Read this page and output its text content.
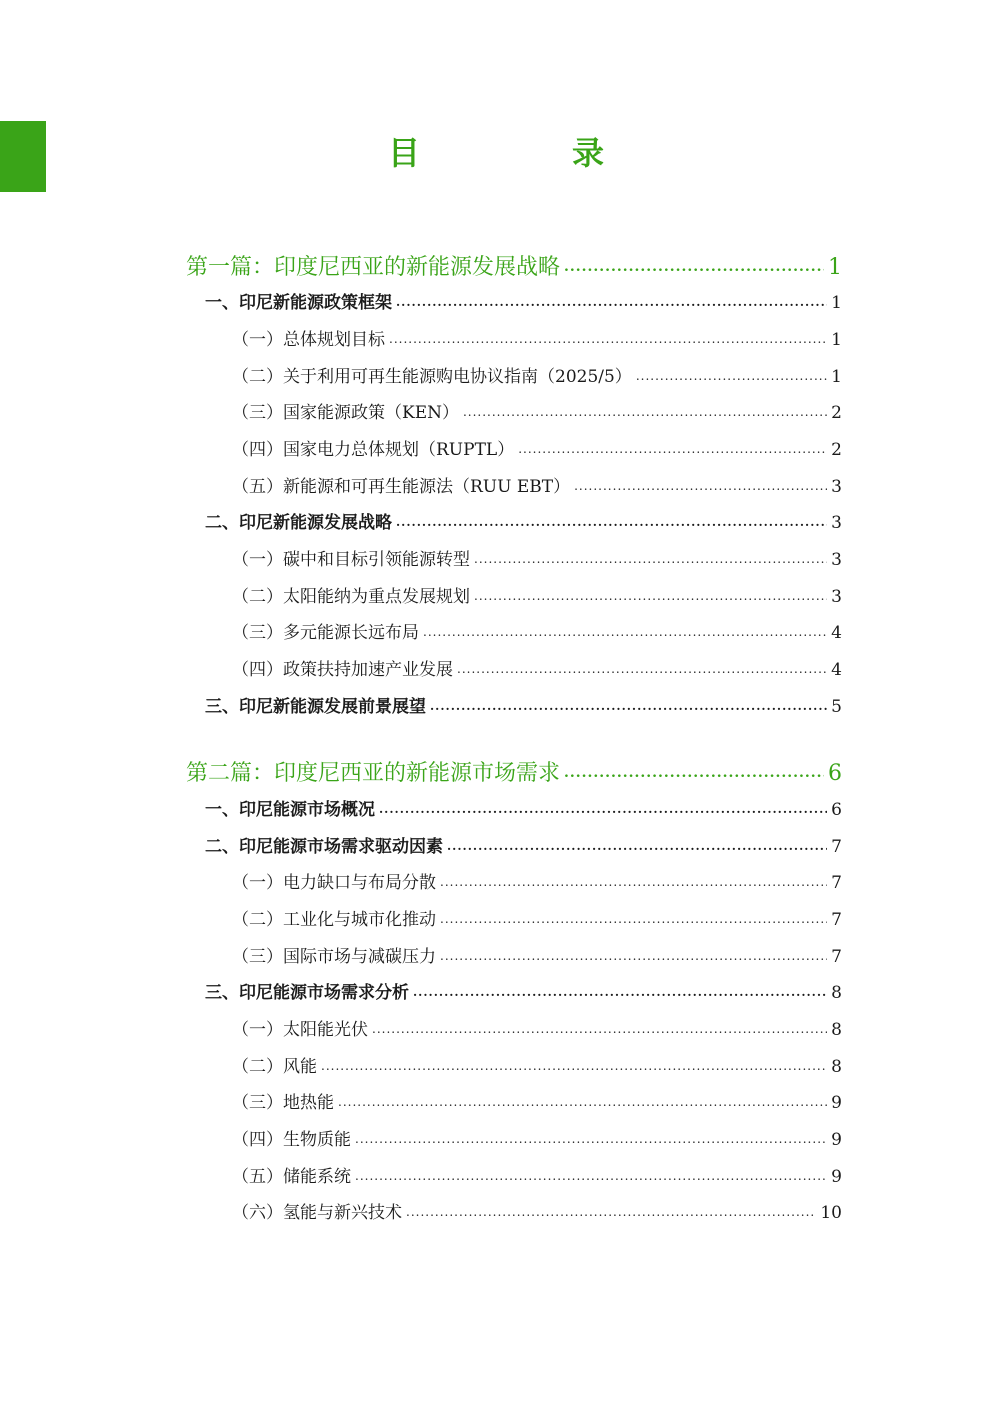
目　录
第一篇：印度尼西亚的新能源发展战略 .....	1
一、印尼新能源政策框架 .....	1
（一）总体规划目标 .....	1
（二）关于利用可再生能源购电协议指南（2025/5） .....	1
（三）国家能源政策（KEN） .....	2
（四）国家电力总体规划（RUPTL） .....	2
（五）新能源和可再生能源法（RUU EBT） .....	3
二、印尼新能源发展战略 .....	3
（一）碳中和目标引领能源转型 .....	3
（二）太阳能纳为重点发展规划 .....	3
（三）多元能源长远布局 .....	4
（四）政策扶持加速产业发展 .....	4
三、印尼新能源发展前景展望 .....	5
第二篇：印度尼西亚的新能源市场需求 .....	6
一、印尼能源市场概况 .....	6
二、印尼能源市场需求驱动因素 .....	7
（一）电力缺口与布局分散 .....	7
（二）工业化与城市化推动 .....	7
（三）国际市场与减碳压力 .....	7
三、印尼能源市场需求分析 .....	8
（一）太阳能光伏 .....	8
（二）风能 .....	8
（三）地热能 .....	9
（四）生物质能 .....	9
（五）储能系统 .....	9
（六）氢能与新兴技术 .....	10
